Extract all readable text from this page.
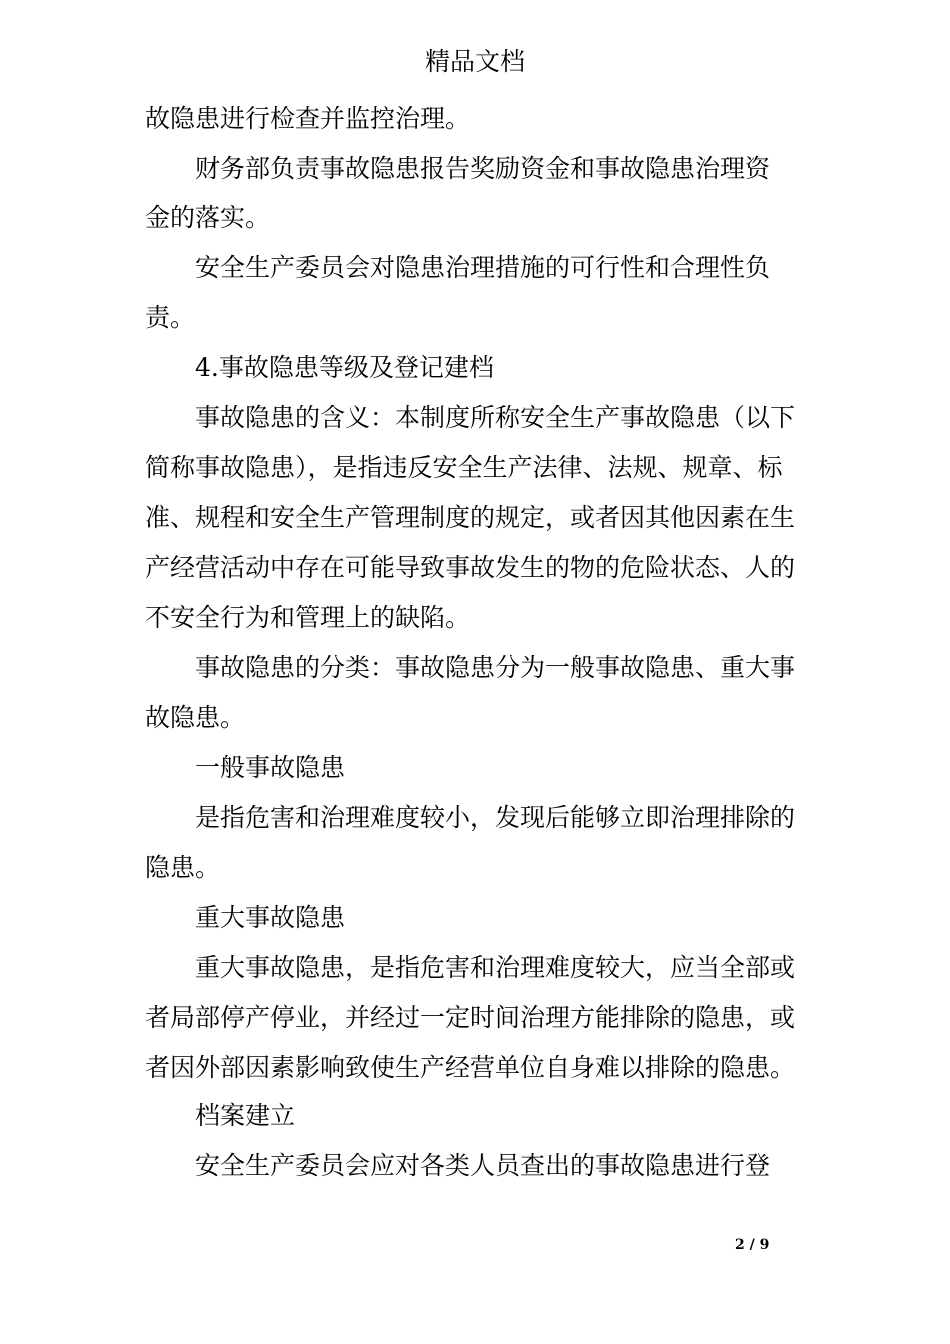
精品文档
故隐患进行检查并监控治理。
财务部负责事故隐患报告奖励资金和事故隐患治理资
金的落实。
安全生产委员会对隐患治理措施的可行性和合理性负
责。
4.事故隐患等级及登记建档
事故隐患的含义：本制度所称安全生产事故隐患（以下
简称事故隐患），是指违反安全生产法律、法规、规章、标
准、规程和安全生产管理制度的规定，或者因其他因素在生
产经营活动中存在可能导致事故发生的物的危险状态、人的
不安全行为和管理上的缺陷。
事故隐患的分类：事故隐患分为一般事故隐患、重大事
故隐患。
一般事故隐患
是指危害和治理难度较小，发现后能够立即治理排除的
隐患。
重大事故隐患
重大事故隐患，是指危害和治理难度较大，应当全部或
者局部停产停业，并经过一定时间治理方能排除的隐患，或
者因外部因素影响致使生产经营单位自身难以排除的隐患。
档案建立
安全生产委员会应对各类人员查出的事故隐患进行登
2 / 9
